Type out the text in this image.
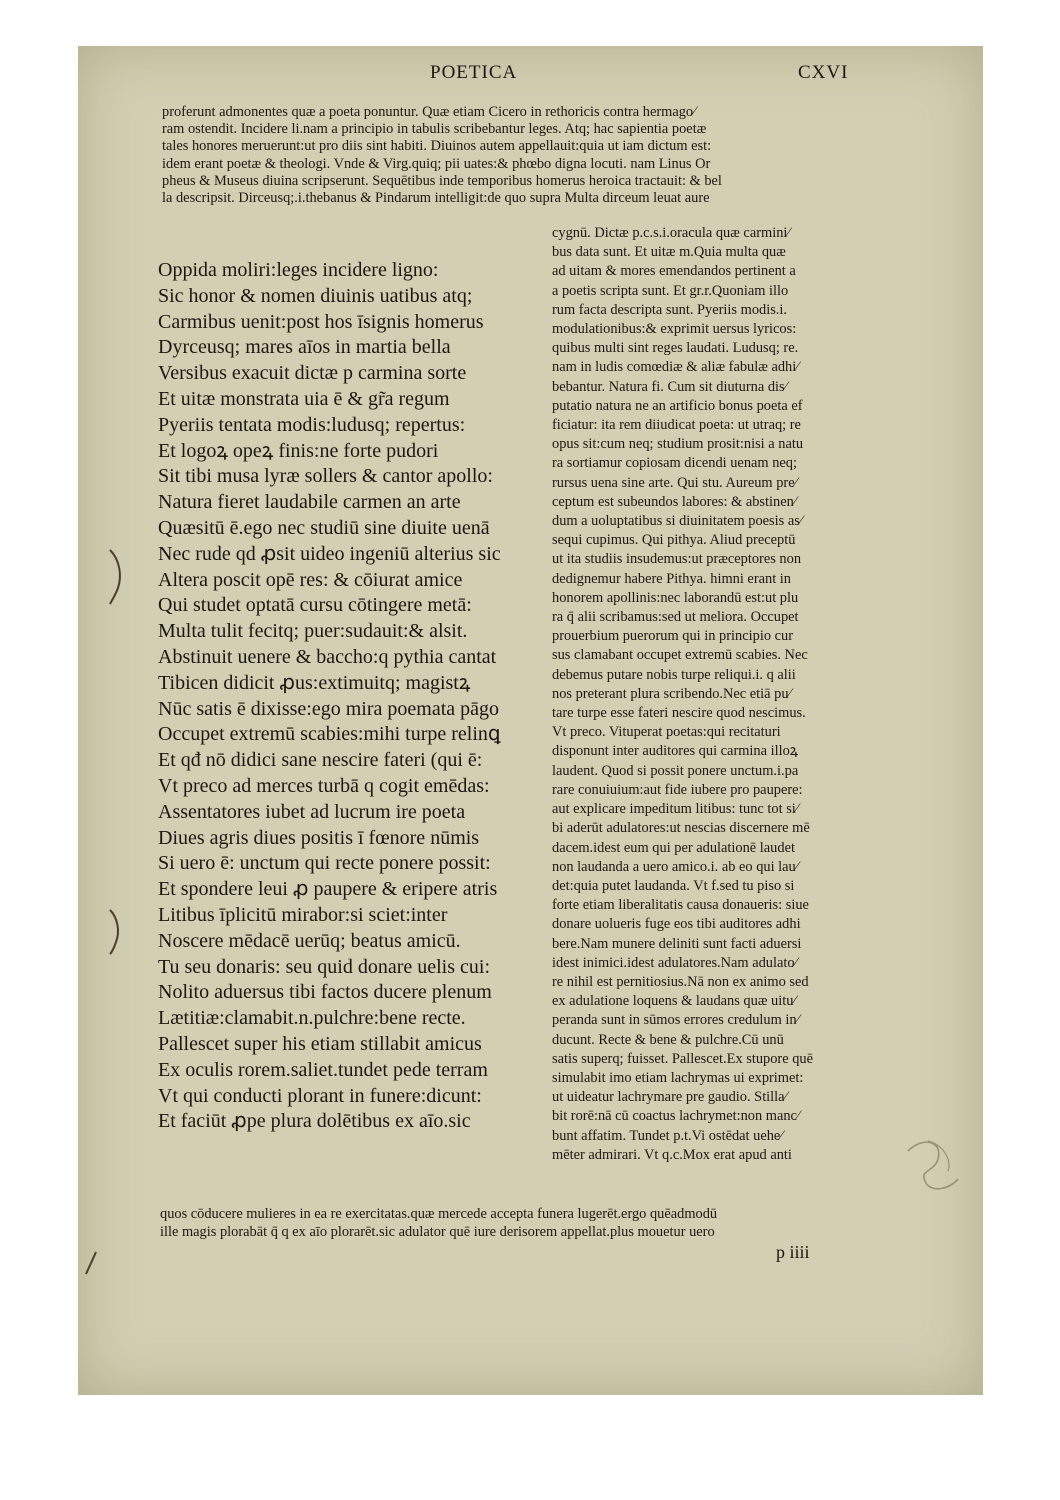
POETICA	CXVI
proferunt admonentes quæ a poeta ponuntur. Quæ etiam Cicero in rethoricis contra hermago⁄
ram ostendit. Incidere li.nam a principio in tabulis scribebantur leges. Atq; hac sapientia poetæ
tales honores meruerunt:ut pro diis sint habiti. Diuinos autem appellauit:quia ut iam dictum est:
idem erant poetæ & theologi. Vnde & Virg.quiq; pii uates:& phœbo digna locuti. nam Linus Or
pheus & Museus diuina scripserunt. Sequētibus inde temporibus homerus heroica tractauit: & bel
la descripsit. Dirceusq;.i.thebanus & Pindarum intelligit:de quo supra Multa dirceum leuat aure
Oppida moliri:leges incidere ligno:
Sic honor & nomen diuinis uatibus atq;
Carmibus uenit:post hos īsignis homerus
Dyrceusq; mares aīos in martia bella
Versibus exacuit dictæ p carmina sorte
Et uitæ monstrata uia ē & gr̃a regum
Pyeriis tentata modis:ludusq; repertus:
Et logoꝝ opeꝝ finis:ne forte pudori
Sit tibi musa lyræ sollers & cantor apollo:
Natura fieret laudabile carmen an arte
Quæsitū ē.ego nec studiū sine diuite uenā
Nec rude qd ꝓsit uideo ingeniū alterius sic
Altera poscit opē res: & cōiurat amice
Qui studet optatā cursu cōtingere metā:
Multa tulit fecitq; puer:sudauit:& alsit.
Abstinuit uenere & baccho:q pythia cantat
Tibicen didicit ꝓus:extimuitq; magistꝝ
Nūc satis ē dixisse:ego mira poemata pāgo
Occupet extremū scabies:mihi turpe relinꝗ
Et qđ nō didici sane nescire fateri (qui ē:
Vt preco ad merces turbā q cogit emēdas:
Assentatores iubet ad lucrum ire poeta
Diues agris diues positis ī fœnore nūmis
Si uero ē: unctum qui recte ponere possit:
Et spondere leui ꝓ paupere & eripere atris
Litibus īplicitū mirabor:si sciet:inter
Noscere mēdacē uerūq; beatus amicū.
Tu seu donaris: seu quid donare uelis cui:
Nolito aduersus tibi factos ducere plenum
Lætitiæ:clamabit.n.pulchre:bene recte.
Pallescet super his etiam stillabit amicus
Ex oculis rorem.saliet.tundet pede terram
Vt qui conducti plorant in funere:dicunt:
Et faciūt ꝓpe plura dolētibus ex aīo.sic
cygnū. Dictæ p.c.s.i.oracula quæ carmini⁄
bus data sunt. Et uitæ m.Quia multa quæ
ad uitam & mores emendandos pertinent a
a poetis scripta sunt. Et gr.r.Quoniam illo
rum facta descripta sunt. Pyeriis modis.i.
modulationibus:& exprimit uersus lyricos:
quibus multi sint reges laudati. Ludusq; re.
nam in ludis comœdiæ & aliæ fabulæ adhi⁄
bebantur. Natura fi. Cum sit diuturna dis⁄
putatio natura ne an artificio bonus poeta ef
ficiatur: ita rem diiudicat poeta: ut utraq; re
opus sit:cum neq; studium prosit:nisi a natu
ra sortiamur copiosam dicendi uenam neq;
rursus uena sine arte. Qui stu. Aureum pre⁄
ceptum est subeundos labores: & abstinen⁄
dum a uoluptatibus si diuinitatem poesis as⁄
sequi cupimus. Qui pithya. Aliud preceptū
ut ita studiis insudemus:ut præceptores non
dedignemur habere Pithya. himni erant in
honorem apollinis:nec laborandū est:ut plu
ra q̄ alii scribamus:sed ut meliora. Occupet
prouerbium puerorum qui in principio cur
sus clamabant occupet extremū scabies. Nec
debemus putare nobis turpe reliqui.i. q alii
nos preterant plura scribendo.Nec etiā pu⁄
tare turpe esse fateri nescire quod nescimus.
Vt preco. Vituperat poetas:qui recitaturi
disponunt inter auditores qui carmina illoꝝ
laudent. Quod si possit ponere unctum.i.pa
rare conuiuium:aut fide iubere pro paupere:
aut explicare impeditum litibus: tunc tot si⁄
bi aderūt adulatores:ut nescias discernere mē
dacem.idest eum qui per adulationē laudet
non laudanda a uero amico.i. ab eo qui lau⁄
det:quia putet laudanda. Vt f.sed tu piso si
forte etiam liberalitatis causa donaueris: siue
donare uolueris fuge eos tibi auditores adhi
bere.Nam munere deliniti sunt facti aduersi
idest inimici.idest adulatores.Nam adulato⁄
re nihil est pernitiosius.Nā non ex animo sed
ex adulatione loquens & laudans quæ uitu⁄
peranda sunt in sūmos errores credulum in⁄
ducunt. Recte & bene & pulchre.Cū unū
satis superq; fuisset. Pallescet.Ex stupore quē
simulabit imo etiam lachrymas ui exprimet:
ut uideatur lachrymare pre gaudio. Stilla⁄
bit rorē:nā cū coactus lachrymet:non manc⁄
bunt affatim. Tundet p.t.Vi ostēdat uehe⁄
mēter admirari. Vt q.c.Mox erat apud anti
quos cōducere mulieres in ea re exercitatas.quæ mercede accepta funera lugerēt.ergo quēadmodū
ille magis plorabāt q̄ q ex aīo plorarēt.sic adulator quē iure derisorem appellat.plus mouetur uero
p iiii
